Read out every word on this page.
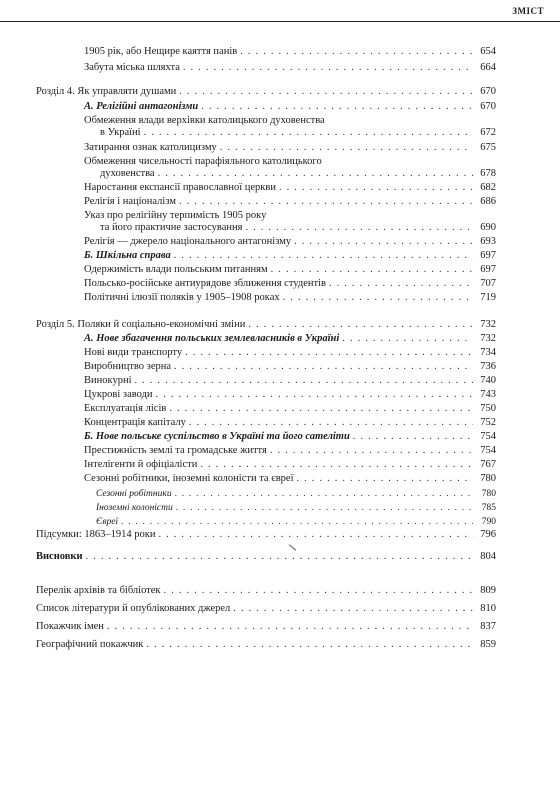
ЗМІСТ
1905 рік, або Нещире каяття панів . . .	654
Забута міська шляхта . . .	664
Розділ 4. Як управляти душами . . .	670
А. Релігійні антагонізми . . .	670
Обмеження влади верхівки католицького духовенства
в Україні . . .	672
Затирання ознак католицизму . . .	675
Обмеження чисельності парафіяльного католицького
духовенства . . .	678
Наростання експансії православної церкви . . .	682
Релігія і націоналізм . . .	686
Указ про релігійну терпимість 1905 року
та його практичне застосування . . .	690
Релігія — джерело національного антагонізму . . .	693
Б. Шкільна справа . . .	697
Одержимість влади польським питанням . . .	697
Польсько-російське антиурядове зближення студентів . . .	707
Політичні ілюзії поляків у 1905–1908 роках . . .	719
Розділ 5. Поляки й соціально-економічні зміни . . .	732
А. Нове збагачення польських землевласників в Україні . . .	732
Нові види транспорту . . .	734
Виробництво зерна . . .	736
Винокурні . . .	740
Цукрові заводи . . .	743
Експлуатація лісів . . .	750
Концентрація капіталу . . .	752
Б. Нове польське суспільство в Україні та його сателіти . . .	754
Престижність землі та громадське життя . . .	754
Інтелігенти й офіціалісти . . .	767
Сезонні робітники, іноземні колоністи та євреї . . .	780
Сезонні робітники . . .	780
Іноземні колоністи . . .	785
Євреї . . .	790
Підсумки: 1863–1914 роки . . .	796
Висновки . . .	804
Перелік архівів та бібліотек . . .	809
Список літератури й опублікованих джерел . . .	810
Покажчик імен . . .	837
Географічний покажчик . . .	859
